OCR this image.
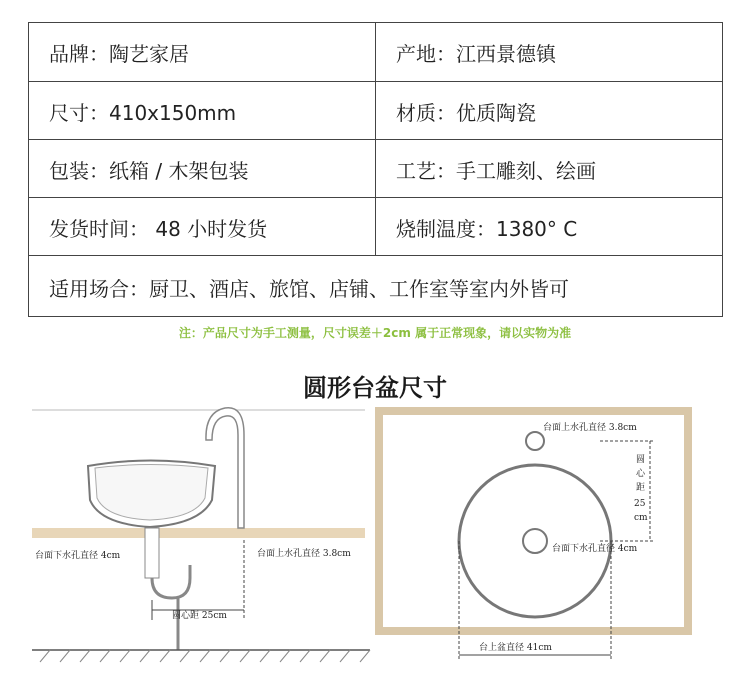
品牌：陶艺家居	产地：江西景德镇
尺寸：410x150mm	材质：优质陶瓷
包装：纸箱 / 木架包装	工艺：手工雕刻、绘画
发货时间： 48 小时发货	烧制温度：1380° C
适用场合：厨卫、酒店、旅馆、店铺、工作室等室内外皆可
注：产品尺寸为手工测量，尺寸误差＋2cm 属于正常现象，请以实物为准
圆形台盆尺寸
台面下水孔直径 4cm	台面上水孔直径 3.8cm
圆心距 25cm
台面上水孔直径 3.8cm
台面下水孔直径 4cm
台上盆直径 41cm
圆
心
距
25
cm
